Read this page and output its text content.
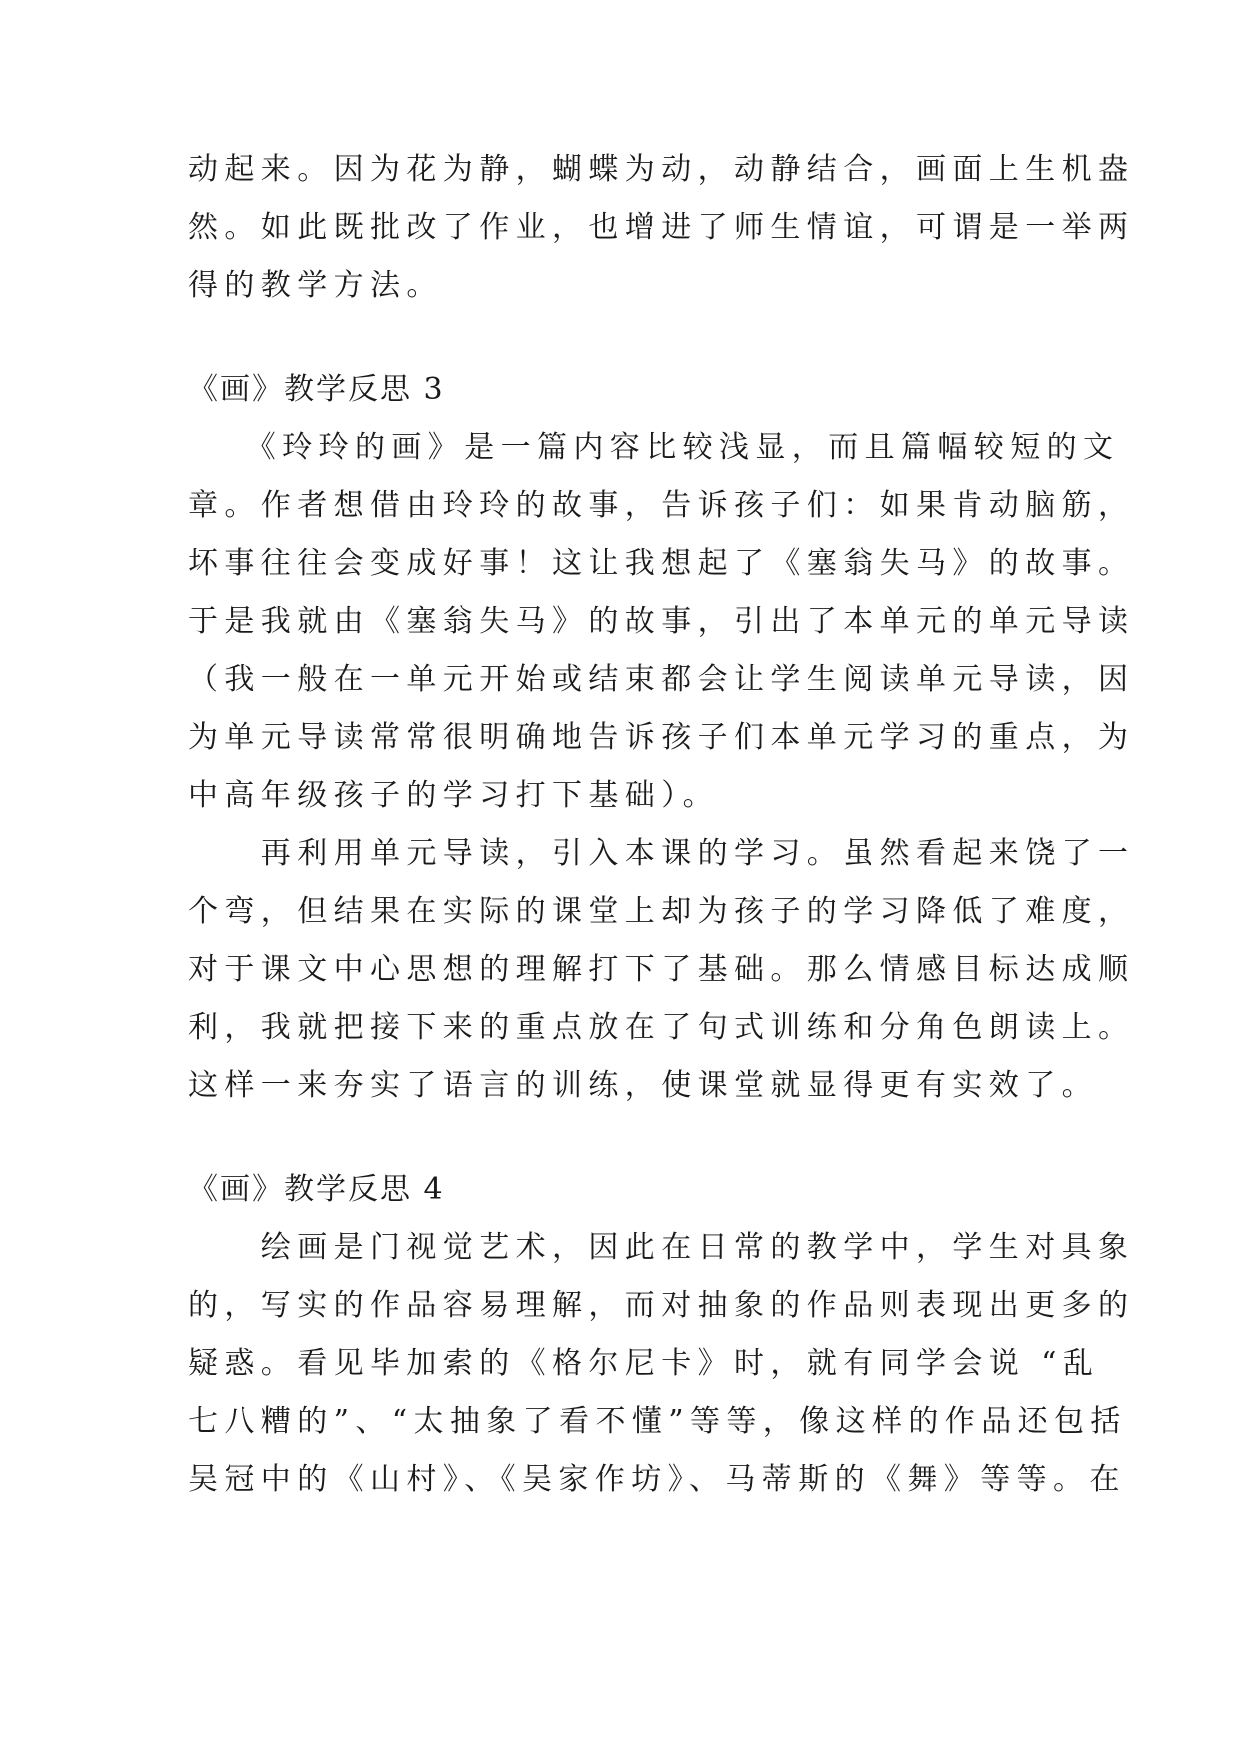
动起来。因为花为静，蝴蝶为动，动静结合，画面上生机盎
然。如此既批改了作业，也增进了师生情谊，可谓是一举两
得的教学方法。
《画》教学反思 3
　　《玲玲的画》是一篇内容比较浅显，而且篇幅较短的文
章。作者想借由玲玲的故事，告诉孩子们：如果肯动脑筋，
坏事往往会变成好事！这让我想起了《塞翁失马》的故事。
于是我就由《塞翁失马》的故事，引出了本单元的单元导读
（我一般在一单元开始或结束都会让学生阅读单元导读，因
为单元导读常常很明确地告诉孩子们本单元学习的重点，为
中高年级孩子的学习打下基础）。
　　再利用单元导读，引入本课的学习。虽然看起来饶了一
个弯，但结果在实际的课堂上却为孩子的学习降低了难度，
对于课文中心思想的理解打下了基础。那么情感目标达成顺
利，我就把接下来的重点放在了句式训练和分角色朗读上。
这样一来夯实了语言的训练，使课堂就显得更有实效了。
《画》教学反思 4
　　绘画是门视觉艺术，因此在日常的教学中，学生对具象
的，写实的作品容易理解，而对抽象的作品则表现出更多的
疑惑。看见毕加索的《格尔尼卡》时，就有同学会说 “乱
七八糟的”、“太抽象了看不懂”等等，像这样的作品还包括
吴冠中的《山村》、《吴家作坊》、马蒂斯的《舞》等等。在
